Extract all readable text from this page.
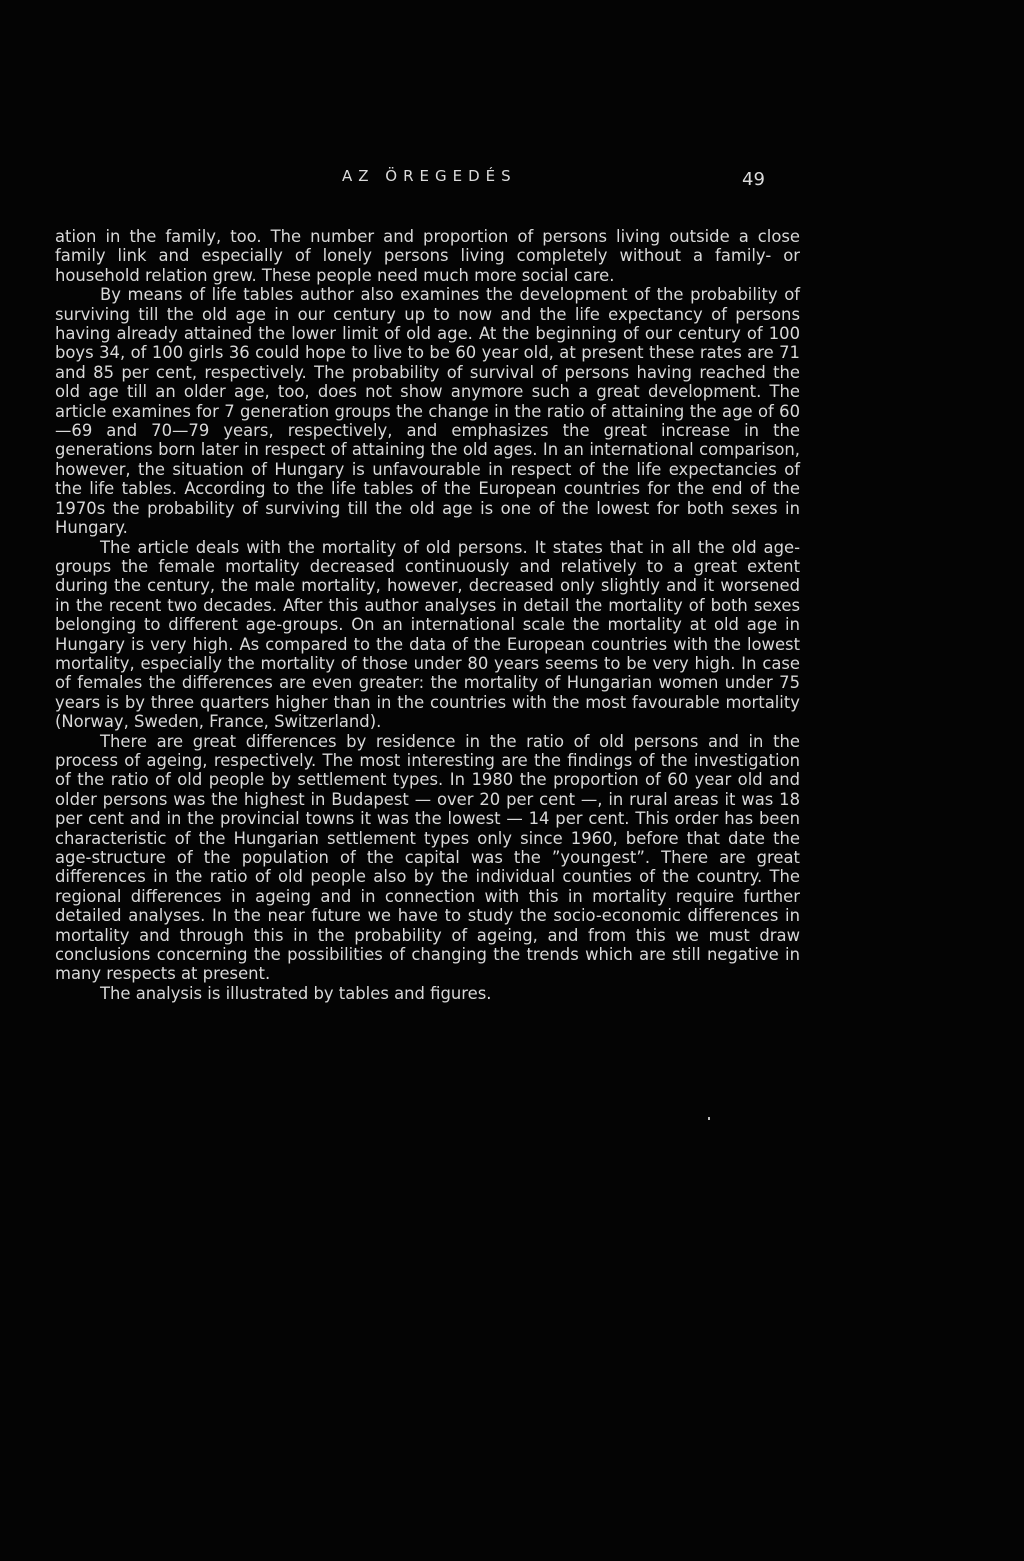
AZ ÖREGEDÉS	49

ation in the family, too. The number and proportion of persons living outside a close family link and especially of lonely persons living completely without a family- or household relation grew. These people need much more social care.

By means of life tables author also examines the development of the probability of surviving till the old age in our century up to now and the life expectancy of persons having already attained the lower limit of old age. At the beginning of our century of 100 boys 34, of 100 girls 36 could hope to live to be 60 year old, at present these rates are 71 and 85 per cent, respectively. The probability of survival of persons having reached the old age till an older age, too, does not show anymore such a great development. The article examines for 7 generation groups the change in the ratio of attaining the age of 60—69 and 70—79 years, respectively, and emphasizes the great increase in the generations born later in respect of attaining the old ages. In an international comparison, however, the situation of Hungary is unfavourable in respect of the life expectancies of the life tables. According to the life tables of the European countries for the end of the 1970s the probability of surviving till the old age is one of the lowest for both sexes in Hungary.

The article deals with the mortality of old persons. It states that in all the old age-groups the female mortality decreased continuously and relatively to a great extent during the century, the male mortality, however, decreased only slightly and it worsened in the recent two decades. After this author analyses in detail the mortality of both sexes belonging to different age-groups. On an international scale the mortality at old age in Hungary is very high. As compared to the data of the European countries with the lowest mortality, especially the mortality of those under 80 years seems to be very high. In case of females the differences are even greater: the mortality of Hungarian women under 75 years is by three quarters higher than in the countries with the most favourable mortality (Norway, Sweden, France, Switzerland).

There are great differences by residence in the ratio of old persons and in the process of ageing, respectively. The most interesting are the findings of the investigation of the ratio of old people by settlement types. In 1980 the proportion of 60 year old and older persons was the highest in Budapest — over 20 per cent —, in rural areas it was 18 per cent and in the provincial towns it was the lowest — 14 per cent. This order has been characteristic of the Hungarian settlement types only since 1960, before that date the age-structure of the population of the capital was the ”youngest”. There are great differences in the ratio of old people also by the individual counties of the country. The regional differences in ageing and in connection with this in mortality require further detailed analyses. In the near future we have to study the socio-economic differences in mortality and through this in the probability of ageing, and from this we must draw conclusions concerning the possibilities of changing the trends which are still negative in many respects at present.

The analysis is illustrated by tables and figures.
